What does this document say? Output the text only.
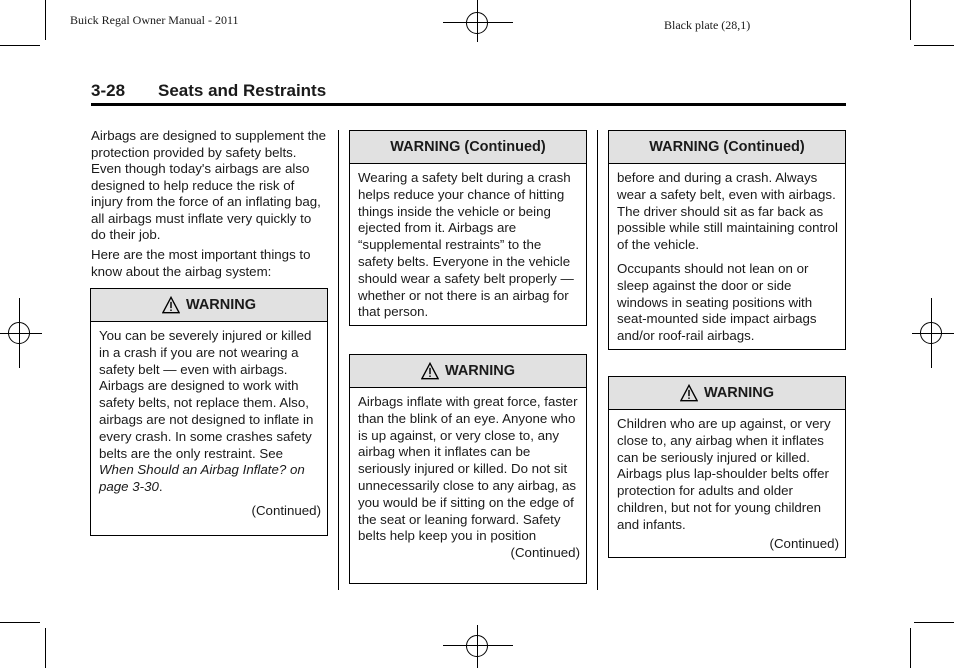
Buick Regal Owner Manual - 2011	Black plate (28,1)
3-28 Seats and Restraints
Airbags are designed to supplement the protection provided by safety belts. Even though today's airbags are also designed to help reduce the risk of injury from the force of an inflating bag, all airbags must inflate very quickly to do their job.
Here are the most important things to know about the airbag system:
WARNING

You can be severely injured or killed in a crash if you are not wearing a safety belt — even with airbags. Airbags are designed to work with safety belts, not replace them. Also, airbags are not designed to inflate in every crash. In some crashes safety belts are the only restraint. See When Should an Airbag Inflate? on page 3-30.

(Continued)
WARNING (Continued)

Wearing a safety belt during a crash helps reduce your chance of hitting things inside the vehicle or being ejected from it. Airbags are “supplemental restraints” to the safety belts. Everyone in the vehicle should wear a safety belt properly — whether or not there is an airbag for that person.

WARNING

Airbags inflate with great force, faster than the blink of an eye. Anyone who is up against, or very close to, any airbag when it inflates can be seriously injured or killed. Do not sit unnecessarily close to any airbag, as you would be if sitting on the edge of the seat or leaning forward. Safety belts help keep you in position

(Continued)
WARNING (Continued)

before and during a crash. Always wear a safety belt, even with airbags. The driver should sit as far back as possible while still maintaining control of the vehicle.

Occupants should not lean on or sleep against the door or side windows in seating positions with seat-mounted side impact airbags and/or roof-rail airbags.

WARNING

Children who are up against, or very close to, any airbag when it inflates can be seriously injured or killed. Airbags plus lap-shoulder belts offer protection for adults and older children, but not for young children and infants.

(Continued)
